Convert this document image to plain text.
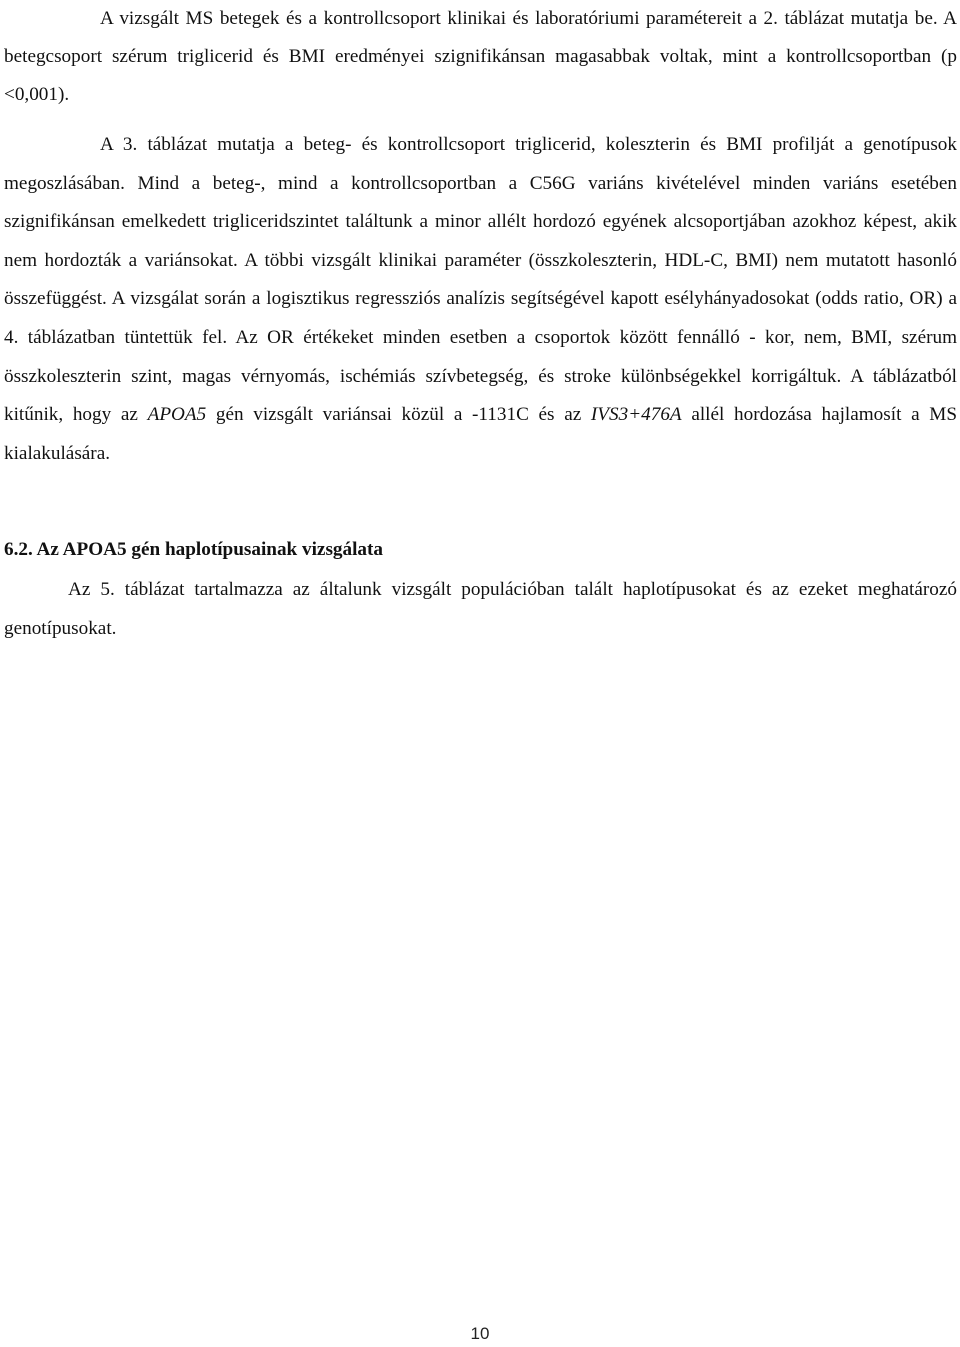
A vizsgált MS betegek és a kontrollcsoport klinikai és laboratóriumi paramétereit a 2. táblázat mutatja be. A betegcsoport szérum triglicerid és BMI eredményei szignifikánsan magasabbak voltak, mint a kontrollcsoportban (p <0,001).

A 3. táblázat mutatja a beteg- és kontrollcsoport triglicerid, koleszterin és BMI profilját a genotípusok megoszlásában. Mind a beteg-, mind a kontrollcsoportban a C56G variáns kivételével minden variáns esetében szignifikánsan emelkedett trigliceridszintet találtunk a minor allélt hordozó egyének alcsoportjában azokhoz képest, akik nem hordozták a variánsokat. A többi vizsgált klinikai paraméter (összkoleszterin, HDL-C, BMI) nem mutatott hasonló összefüggést. A vizsgálat során a logisztikus regressziós analízis segítségével kapott esélyhányadosokat (odds ratio, OR) a 4. táblázatban tüntettük fel. Az OR értékeket minden esetben a csoportok között fennálló - kor, nem, BMI, szérum összkoleszterin szint, magas vérnyomás, ischémiás szívbetegség, és stroke különbségekkel korrigáltuk. A táblázatból kitűnik, hogy az APOA5 gén vizsgált variánsai közül a -1131C és az IVS3+476A allél hordozása hajlamosít a MS kialakulására.

6.2. Az APOA5 gén haplotípusainak vizsgálata

Az 5. táblázat tartalmazza az általunk vizsgált populációban talált haplotípusokat és az ezeket meghatározó genotípusokat.

10
